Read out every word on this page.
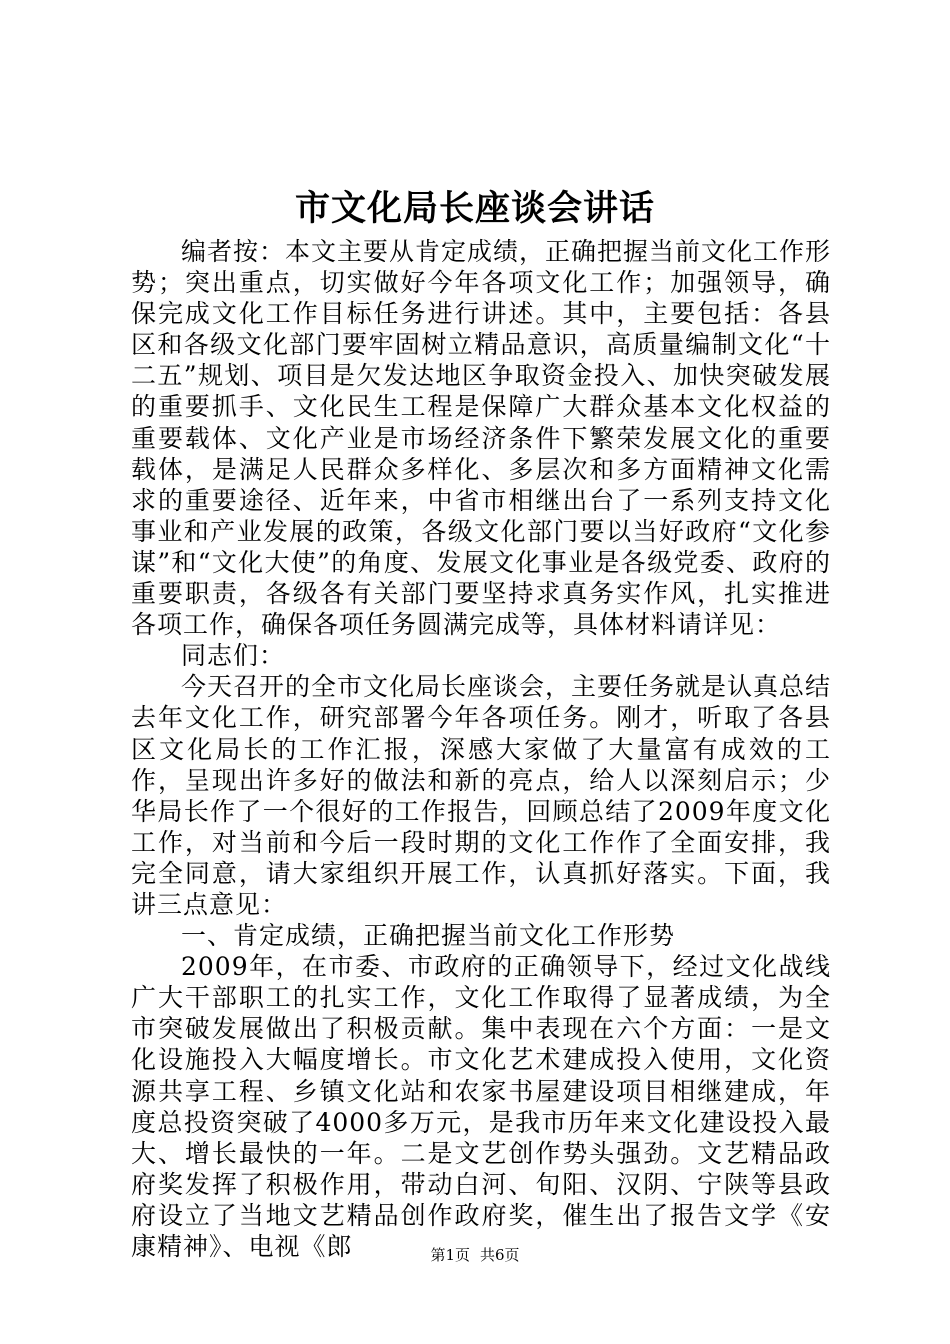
市文化局长座谈会讲话

编者按：本文主要从肯定成绩，正确把握当前文化工作形势；突出重点，切实做好今年各项文化工作；加强领导，确保完成文化工作目标任务进行讲述。其中，主要包括：各县区和各级文化部门要牢固树立精品意识，高质量编制文化“十二五”规划、项目是欠发达地区争取资金投入、加快突破发展的重要抓手、文化民生工程是保障广大群众基本文化权益的重要载体、文化产业是市场经济条件下繁荣发展文化的重要载体，是满足人民群众多样化、多层次和多方面精神文化需求的重要途径、近年来，中省市相继出台了一系列支持文化事业和产业发展的政策，各级文化部门要以当好政府“文化参谋”和“文化大使”的角度、发展文化事业是各级党委、政府的重要职责，各级各有关部门要坚持求真务实作风，扎实推进各项工作，确保各项任务圆满完成等，具体材料请详见：

同志们：

今天召开的全市文化局长座谈会，主要任务就是认真总结去年文化工作，研究部署今年各项任务。刚才，听取了各县区文化局长的工作汇报，深感大家做了大量富有成效的工作，呈现出许多好的做法和新的亮点，给人以深刻启示；少华局长作了一个很好的工作报告，回顾总结了2009年度文化工作，对当前和今后一段时期的文化工作作了全面安排，我完全同意，请大家组织开展工作，认真抓好落实。下面，我讲三点意见：

一、肯定成绩，正确把握当前文化工作形势

2009年，在市委、市政府的正确领导下，经过文化战线广大干部职工的扎实工作，文化工作取得了显著成绩，为全市突破发展做出了积极贡献。集中表现在六个方面：一是文化设施投入大幅度增长。市文化艺术建成投入使用，文化资源共享工程、乡镇文化站和农家书屋建设项目相继建成，年度总投资突破了4000多万元，是我市历年来文化建设投入最大、增长最快的一年。二是文艺创作势头强劲。文艺精品政府奖发挥了积极作用，带动白河、旬阳、汉阴、宁陕等县政府设立了当地文艺精品创作政府奖，催生出了报告文学《安康精神》、电视《郎	第1页 共6页
